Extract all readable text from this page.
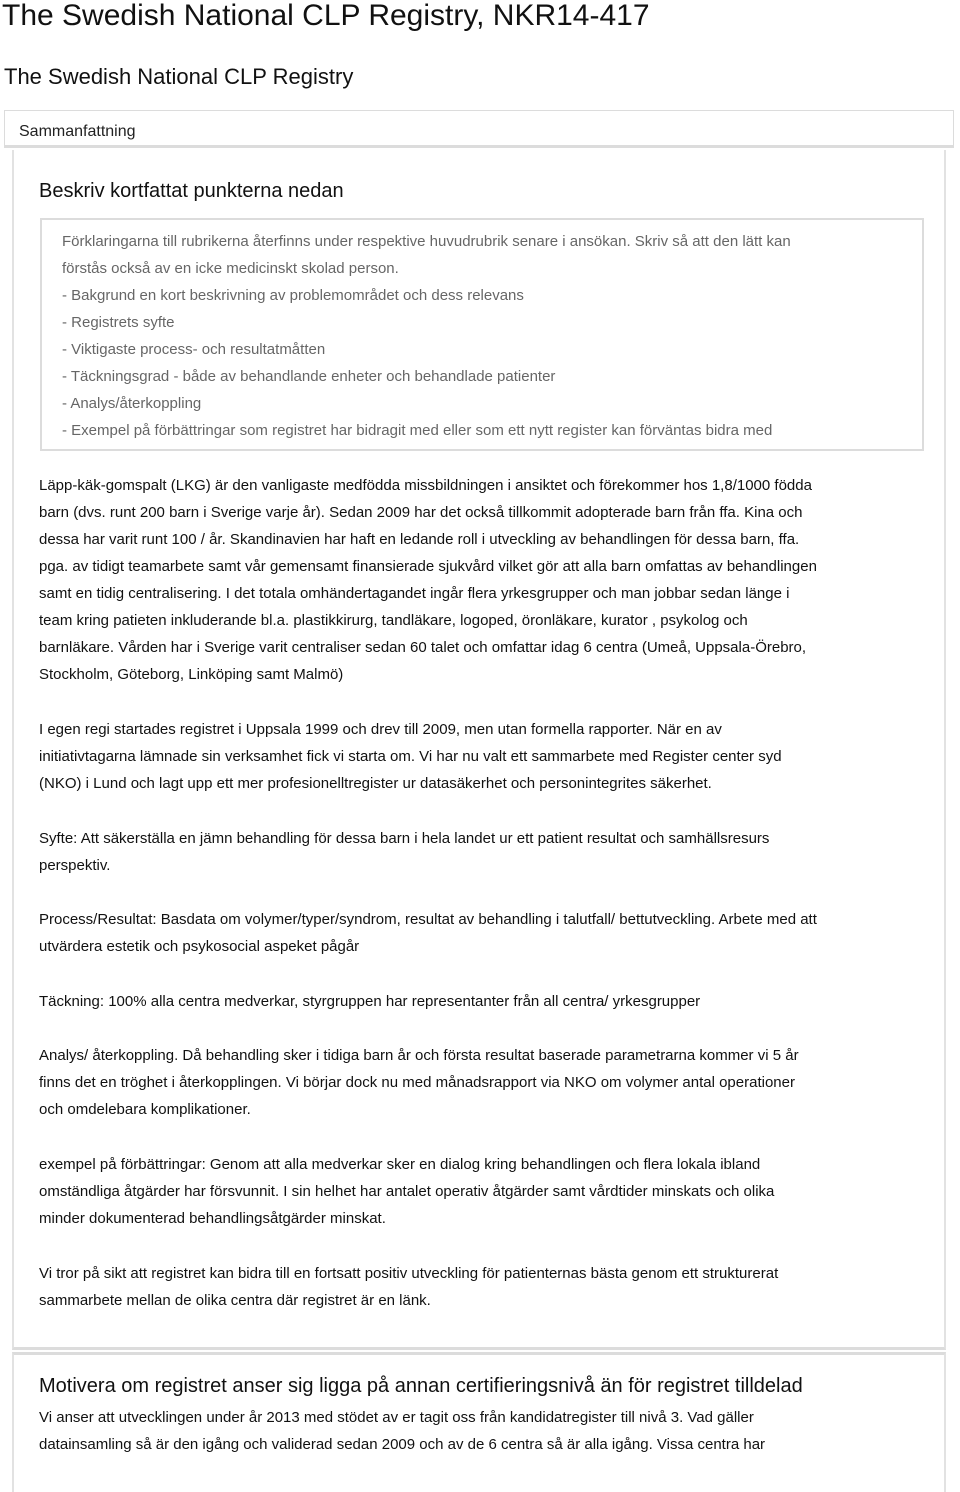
The Swedish National CLP Registry, NKR14-417
The Swedish National CLP Registry
Sammanfattning
Beskriv kortfattat punkterna nedan

Förklaringarna till rubrikerna återfinns under respektive huvudrubrik senare i ansökan. Skriv så att den lätt kan

förstås också av en icke medicinskt skolad person.

- Bakgrund en kort beskrivning av problemområdet och dess relevans

- Registrets syfte

- Viktigaste process- och resultatmåtten

- Täckningsgrad - både av behandlande enheter och behandlade patienter

- Analys/återkoppling

- Exempel på förbättringar som registret har bidragit med eller som ett nytt register kan förväntas bidra med

Läpp-käk-gomspalt (LKG) är den vanligaste medfödda missbildningen i ansiktet och förekommer hos 1,8/1000 födda
barn (dvs. runt 200 barn i Sverige varje år). Sedan 2009 har det också tillkommit adopterade barn från ffa. Kina och
dessa har varit runt 100 / år. Skandinavien har haft en ledande roll i utveckling av behandlingen för dessa barn, ffa.
pga. av tidigt teamarbete samt vår gemensamt finansierade sjukvård vilket gör att alla barn omfattas av behandlingen
samt en tidig centralisering. I det totala omhändertagandet ingår flera yrkesgrupper och man jobbar sedan länge i
team kring patieten inkluderande bl.a. plastikkirurg, tandläkare, logoped, öronläkare, kurator , psykolog och
barnläkare. Vården har i Sverige varit centraliser sedan 60 talet och omfattar idag 6 centra (Umeå, Uppsala-Örebro,
Stockholm, Göteborg, Linköping samt Malmö)
I egen regi startades registret i Uppsala 1999 och drev till 2009, men utan formella rapporter. När en av
initiativtagarna lämnade sin verksamhet fick vi starta om. Vi har nu valt ett sammarbete med Register center syd
(NKO) i Lund och lagt upp ett mer profesionelltregister ur datasäkerhet och personintegrites säkerhet.
Syfte: Att säkerställa en jämn behandling för dessa barn i hela landet ur ett patient resultat och samhällsresurs
perspektiv.
Process/Resultat: Basdata om volymer/typer/syndrom, resultat av behandling i talutfall/ bettutveckling. Arbete med att
utvärdera estetik och psykosocial aspeket pågår
Täckning: 100% alla centra medverkar, styrgruppen har representanter från all centra/ yrkesgrupper
Analys/ återkoppling. Då behandling sker i tidiga barn år och första resultat baserade parametrarna kommer vi 5 år
finns det en tröghet i återkopplingen. Vi börjar dock nu med månadsrapport via NKO om volymer antal operationer
och omdelebara komplikationer.
exempel på förbättringar: Genom att alla medverkar sker en dialog kring behandlingen och flera lokala ibland
omständliga åtgärder har försvunnit. I sin helhet har antalet operativ åtgärder samt vårdtider minskats och olika
minder dokumenterad behandlingsåtgärder minskat.
Vi tror på sikt att registret kan bidra till en fortsatt positiv utveckling för patienternas bästa genom ett strukturerat
sammarbete mellan de olika centra där registret är en länk.
Motivera om registret anser sig ligga på annan certifieringsnivå än för registret tilldelad
Vi anser att utvecklingen under år 2013 med stödet av er tagit oss från kandidatregister till nivå 3. Vad gäller
datainsamling så är den igång och validerad sedan 2009 och av de 6 centra så är alla igång. Vissa centra har
